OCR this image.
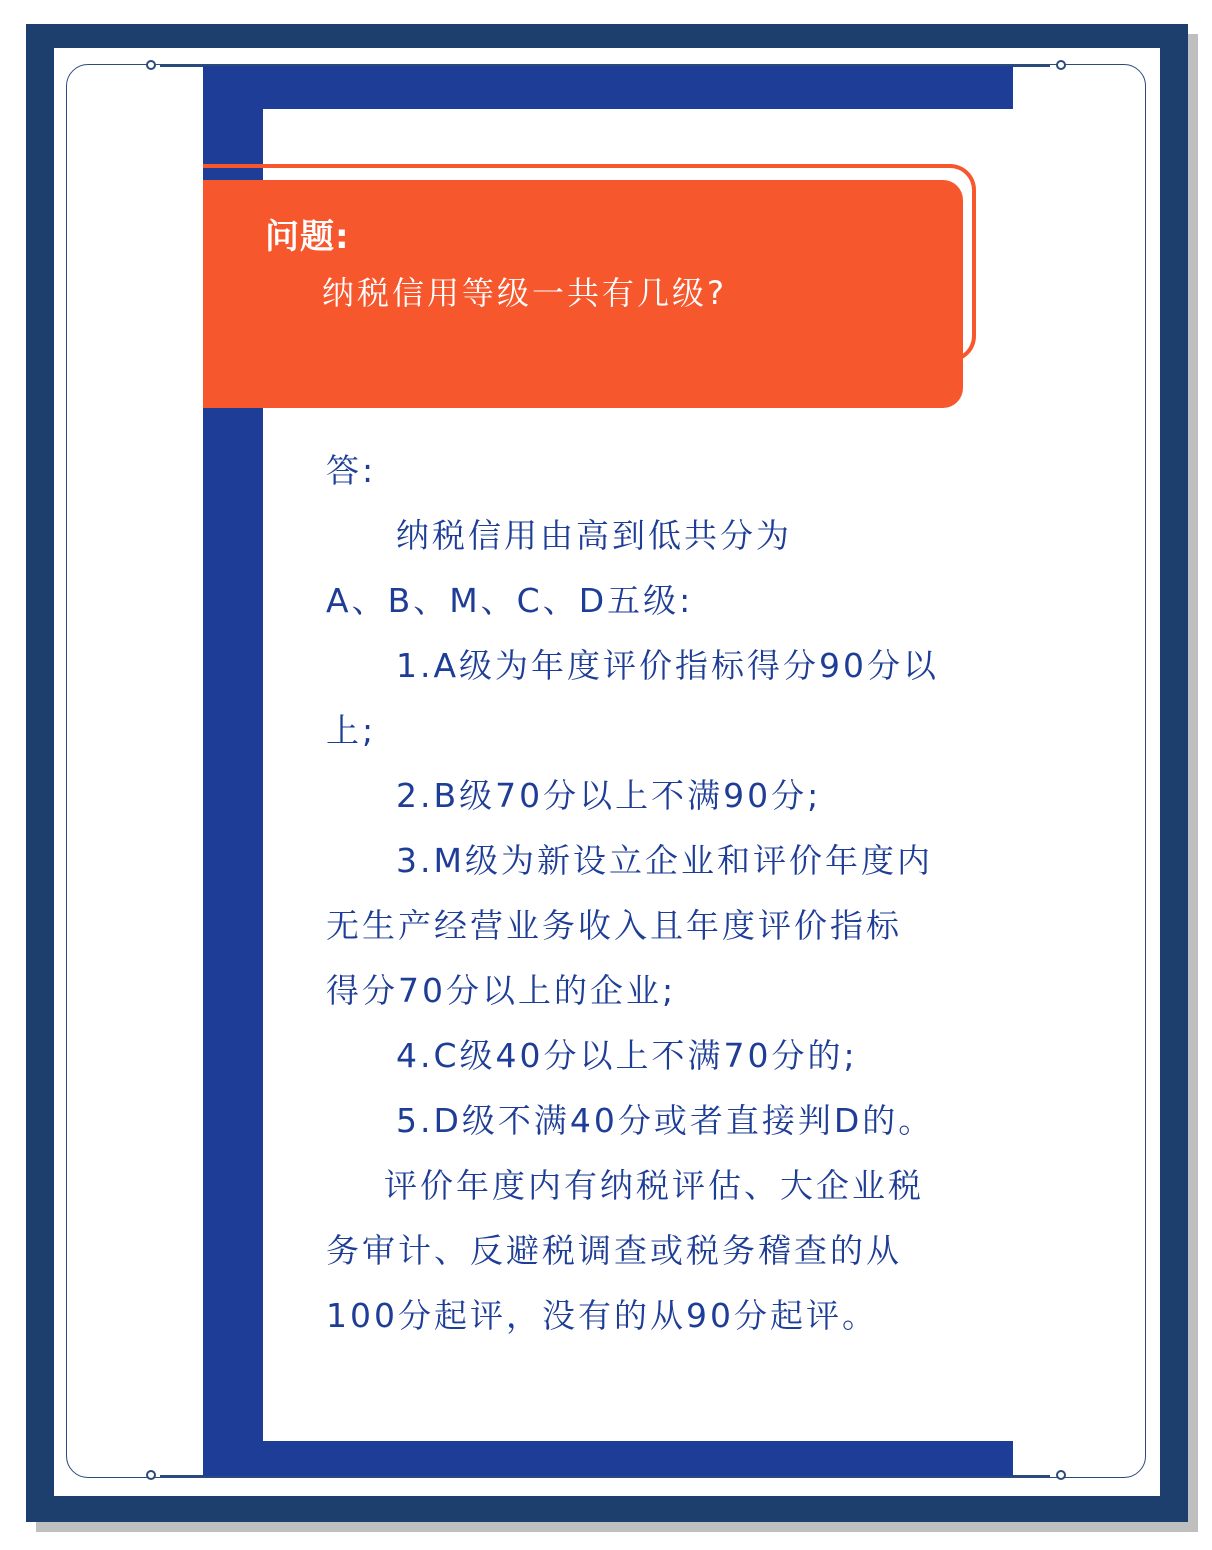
问题:
纳税信用等级一共有几级?
答:
纳税信用由高到低共分为
A、B、M、C、D五级:
1.A级为年度评价指标得分90分以
上;
2.B级70分以上不满90分;
3.M级为新设立企业和评价年度内
无生产经营业务收入且年度评价指标
得分70分以上的企业;
4.C级40分以上不满70分的;
5.D级不满40分或者直接判D的。
评价年度内有纳税评估、大企业税
务审计、反避税调查或税务稽查的从
100分起评，没有的从90分起评。
